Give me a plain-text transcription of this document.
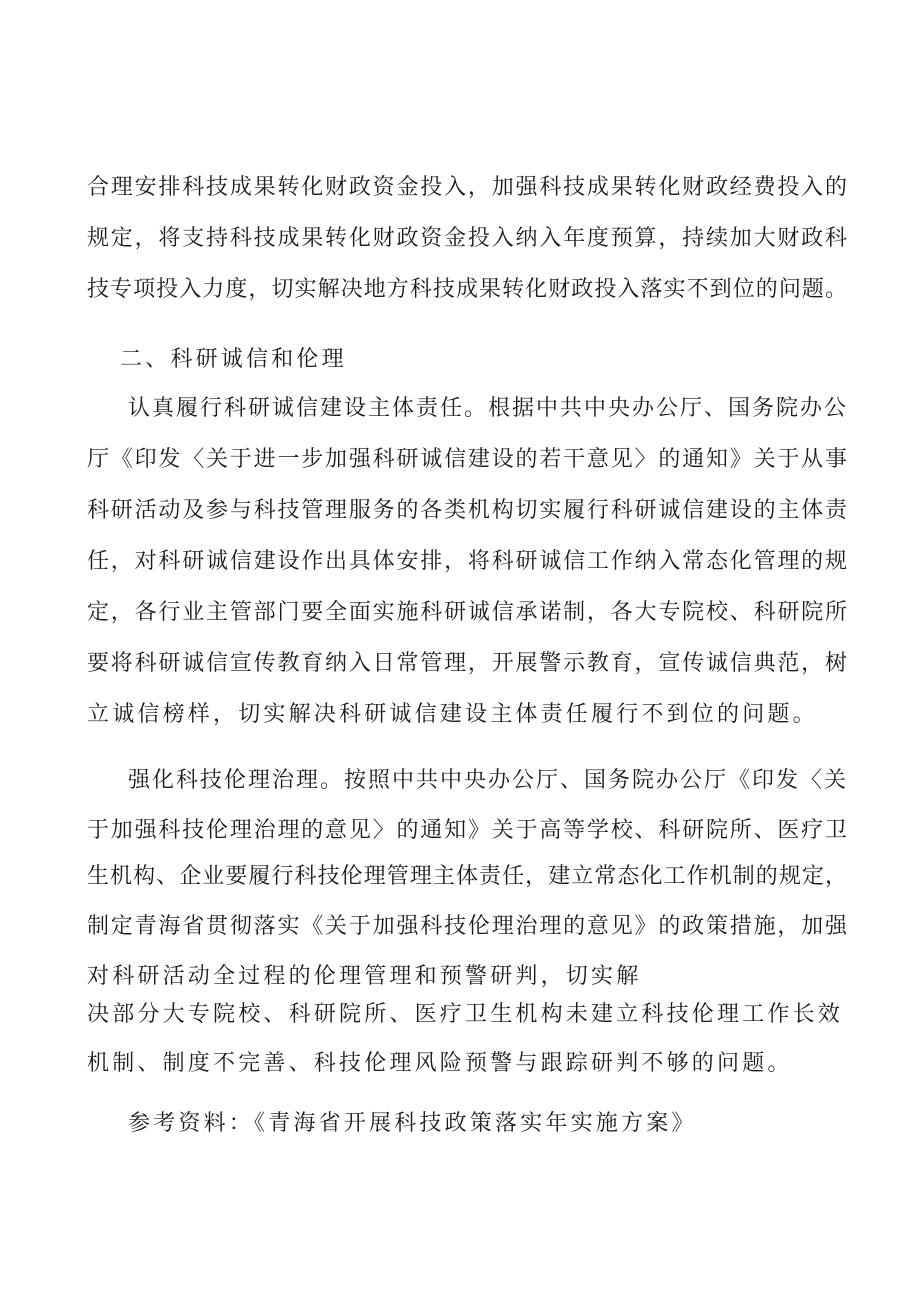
合理安排科技成果转化财政资金投入，加强科技成果转化财政经费投入的
规定，将支持科技成果转化财政资金投入纳入年度预算，持续加大财政科
技专项投入力度，切实解决地方科技成果转化财政投入落实不到位的问题。
二、科研诚信和伦理
认真履行科研诚信建设主体责任。根据中共中央办公厅、国务院办公
厅《印发〈关于进一步加强科研诚信建设的若干意见〉的通知》关于从事
科研活动及参与科技管理服务的各类机构切实履行科研诚信建设的主体责
任，对科研诚信建设作出具体安排，将科研诚信工作纳入常态化管理的规
定，各行业主管部门要全面实施科研诚信承诺制，各大专院校、科研院所
要将科研诚信宣传教育纳入日常管理，开展警示教育，宣传诚信典范，树
立诚信榜样，切实解决科研诚信建设主体责任履行不到位的问题。
强化科技伦理治理。按照中共中央办公厅、国务院办公厅《印发〈关
于加强科技伦理治理的意见〉的通知》关于高等学校、科研院所、医疗卫
生机构、企业要履行科技伦理管理主体责任，建立常态化工作机制的规定，
制定青海省贯彻落实《关于加强科技伦理治理的意见》的政策措施，加强
对科研活动全过程的伦理管理和预警研判，切实解
决部分大专院校、科研院所、医疗卫生机构未建立科技伦理工作长效
机制、制度不完善、科技伦理风险预警与跟踪研判不够的问题。
参考资料：《青海省开展科技政策落实年实施方案》
